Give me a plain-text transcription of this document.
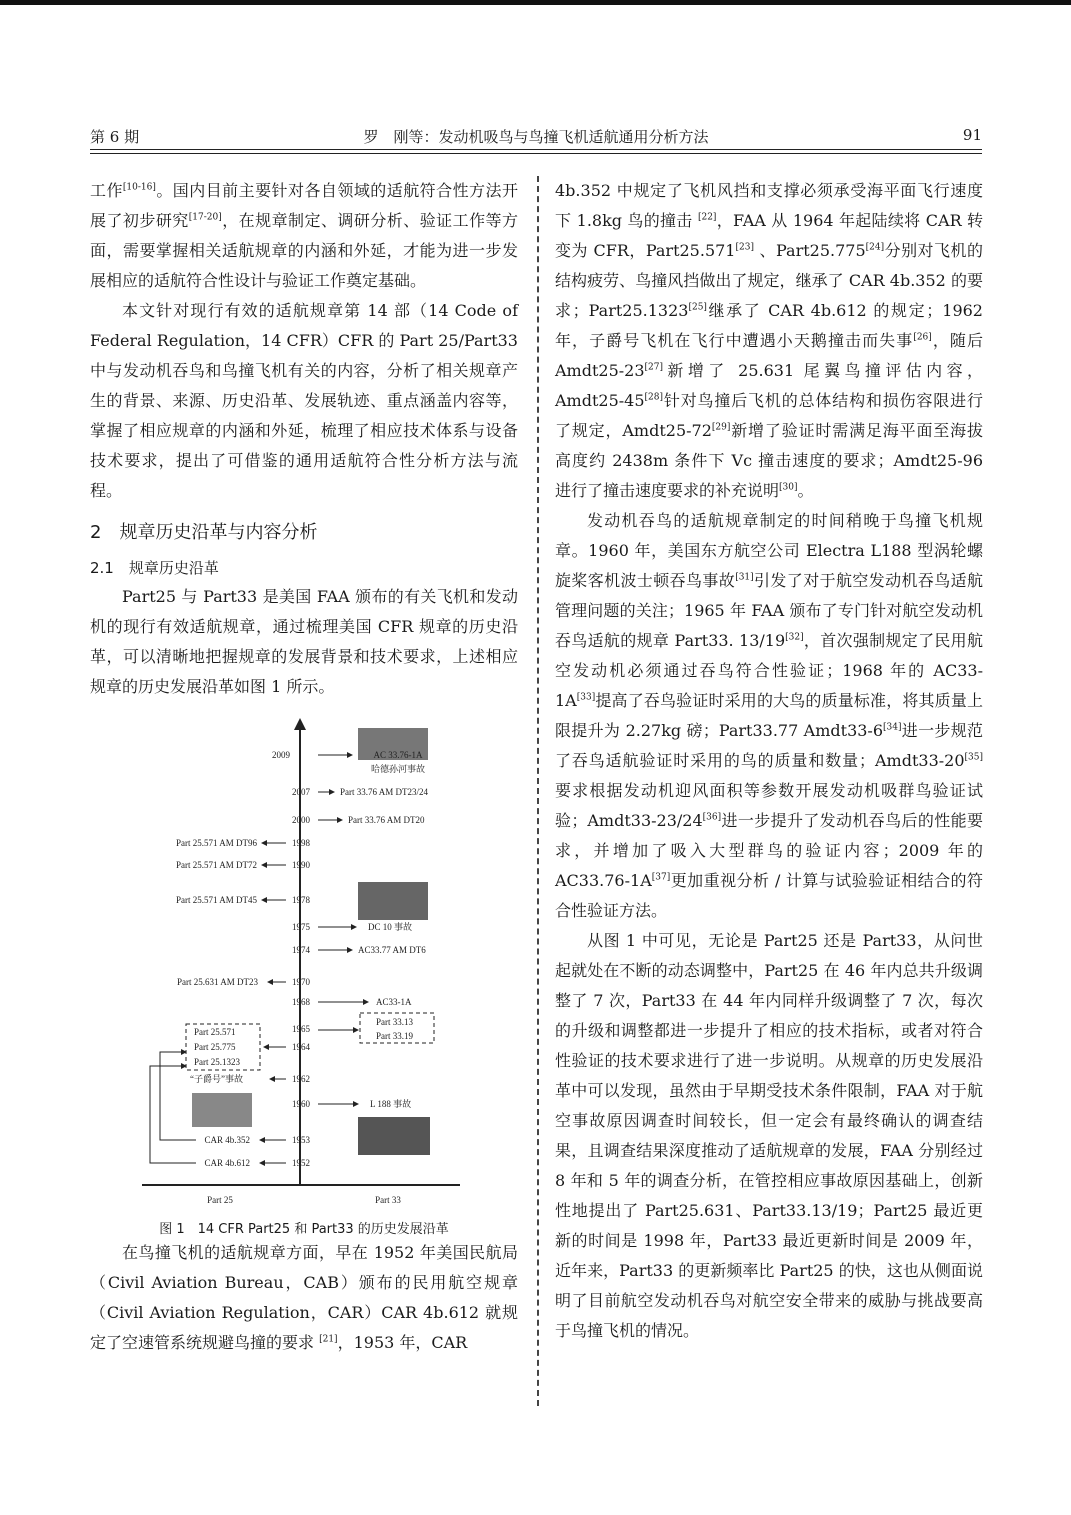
第 6 期	罗　刚等：发动机吸鸟与鸟撞飞机适航通用分析方法	91

工作[10-16]。国内目前主要针对各自领域的适航符合性方法开展了初步研究[17-20]，在规章制定、调研分析、验证工作等方面，需要掌握相关适航规章的内涵和外延，才能为进一步发展相应的适航符合性设计与验证工作奠定基础。

本文针对现行有效的适航规章第 14 部（14 Code of Federal Regulation，14 CFR）CFR 的 Part 25/Part33 中与发动机吞鸟和鸟撞飞机有关的内容，分析了相关规章产生的背景、来源、历史沿革、发展轨迹、重点涵盖内容等，掌握了相应规章的内涵和外延，梳理了相应技术体系与设备技术要求，提出了可借鉴的通用适航符合性分析方法与流程。

2　规章历史沿革与内容分析
2.1　规章历史沿革

Part25 与 Part33 是美国 FAA 颁布的有关飞机和发动机的现行有效适航规章，通过梳理美国 CFR 规章的历史沿革，可以清晰地把握规章的发展背景和技术要求，上述相应规章的历史发展沿革如图 1 所示。

2009
2007
2000
1998
1990
1978
1975
1974
1970
1968
1965
1964
1962
1960
1953
1952
AC 33.76-1A
哈德孙河事故
Part 33.76 AM DT23/24
Part 33.76 AM DT20
DC 10 事故
AC33.77 AM DT6
AC33-1A
Part 33.13
Part 33.19
L 188 事故
Part 25.571 AM DT96
Part 25.571 AM DT72
Part 25.571 AM DT45
Part 25.631 AM DT23
Part 25.571
Part 25.775
Part 25.1323
“子爵号”事故
CAR 4b.352
CAR 4b.612
Part 25	Part 33
图 1　14 CFR Part25 和 Part33 的历史发展沿革

在鸟撞飞机的适航规章方面，早在 1952 年美国民航局（Civil Aviation Bureau，CAB）颁布的民用航空规章（Civil Aviation Regulation，CAR）CAR 4b.612 就规定了空速管系统规避鸟撞的要求 [21]，1953 年，CAR

4b.352 中规定了飞机风挡和支撑必须承受海平面飞行速度下 1.8kg 鸟的撞击 [22]，FAA 从 1964 年起陆续将 CAR 转变为 CFR，Part25.571[23] 、Part25.775[24]分别对飞机的结构疲劳、鸟撞风挡做出了规定，继承了 CAR 4b.352 的要求；Part25.1323[25]继承了 CAR 4b.612 的规定；1962 年，子爵号飞机在飞行中遭遇小天鹅撞击而失事[26]，随后 Amdt25-23[27]新增了 25.631 尾翼鸟撞评估内容，Amdt25-45[28]针对鸟撞后飞机的总体结构和损伤容限进行了规定，Amdt25-72[29]新增了验证时需满足海平面至海拔高度约 2438m 条件下 Vc 撞击速度的要求；Amdt25-96 进行了撞击速度要求的补充说明[30]。

发动机吞鸟的适航规章制定的时间稍晚于鸟撞飞机规章。1960 年，美国东方航空公司 Electra L188 型涡轮螺旋桨客机波士顿吞鸟事故[31]引发了对于航空发动机吞鸟适航管理问题的关注；1965 年 FAA 颁布了专门针对航空发动机吞鸟适航的规章 Part33. 13/19[32]，首次强制规定了民用航空发动机必须通过吞鸟符合性验证；1968 年的 AC33-1A[33]提高了吞鸟验证时采用的大鸟的质量标准，将其质量上限提升为 2.27kg 磅；Part33.77 Amdt33-6[34]进一步规范了吞鸟适航验证时采用的鸟的质量和数量；Amdt33-20[35]要求根据发动机迎风面积等参数开展发动机吸群鸟验证试验；Amdt33-23/24[36]进一步提升了发动机吞鸟后的性能要求，并增加了吸入大型群鸟的验证内容；2009 年的 AC33.76-1A[37]更加重视分析 / 计算与试验验证相结合的符合性验证方法。

从图 1 中可见，无论是 Part25 还是 Part33，从问世起就处在不断的动态调整中，Part25 在 46 年内总共升级调整了 7 次，Part33 在 44 年内同样升级调整了 7 次，每次的升级和调整都进一步提升了相应的技术指标，或者对符合性验证的技术要求进行了进一步说明。从规章的历史发展沿革中可以发现，虽然由于早期受技术条件限制，FAA 对于航空事故原因调查时间较长，但一定会有最终确认的调查结果，且调查结果深度推动了适航规章的发展，FAA 分别经过 8 年和 5 年的调查分析，在管控相应事故原因基础上，创新性地提出了 Part25.631、Part33.13/19；Part25 最近更新的时间是 1998 年，Part33 最近更新时间是 2009 年，近年来，Part33 的更新频率比 Part25 的快，这也从侧面说明了目前航空发动机吞鸟对航空安全带来的威胁与挑战要高于鸟撞飞机的情况。
